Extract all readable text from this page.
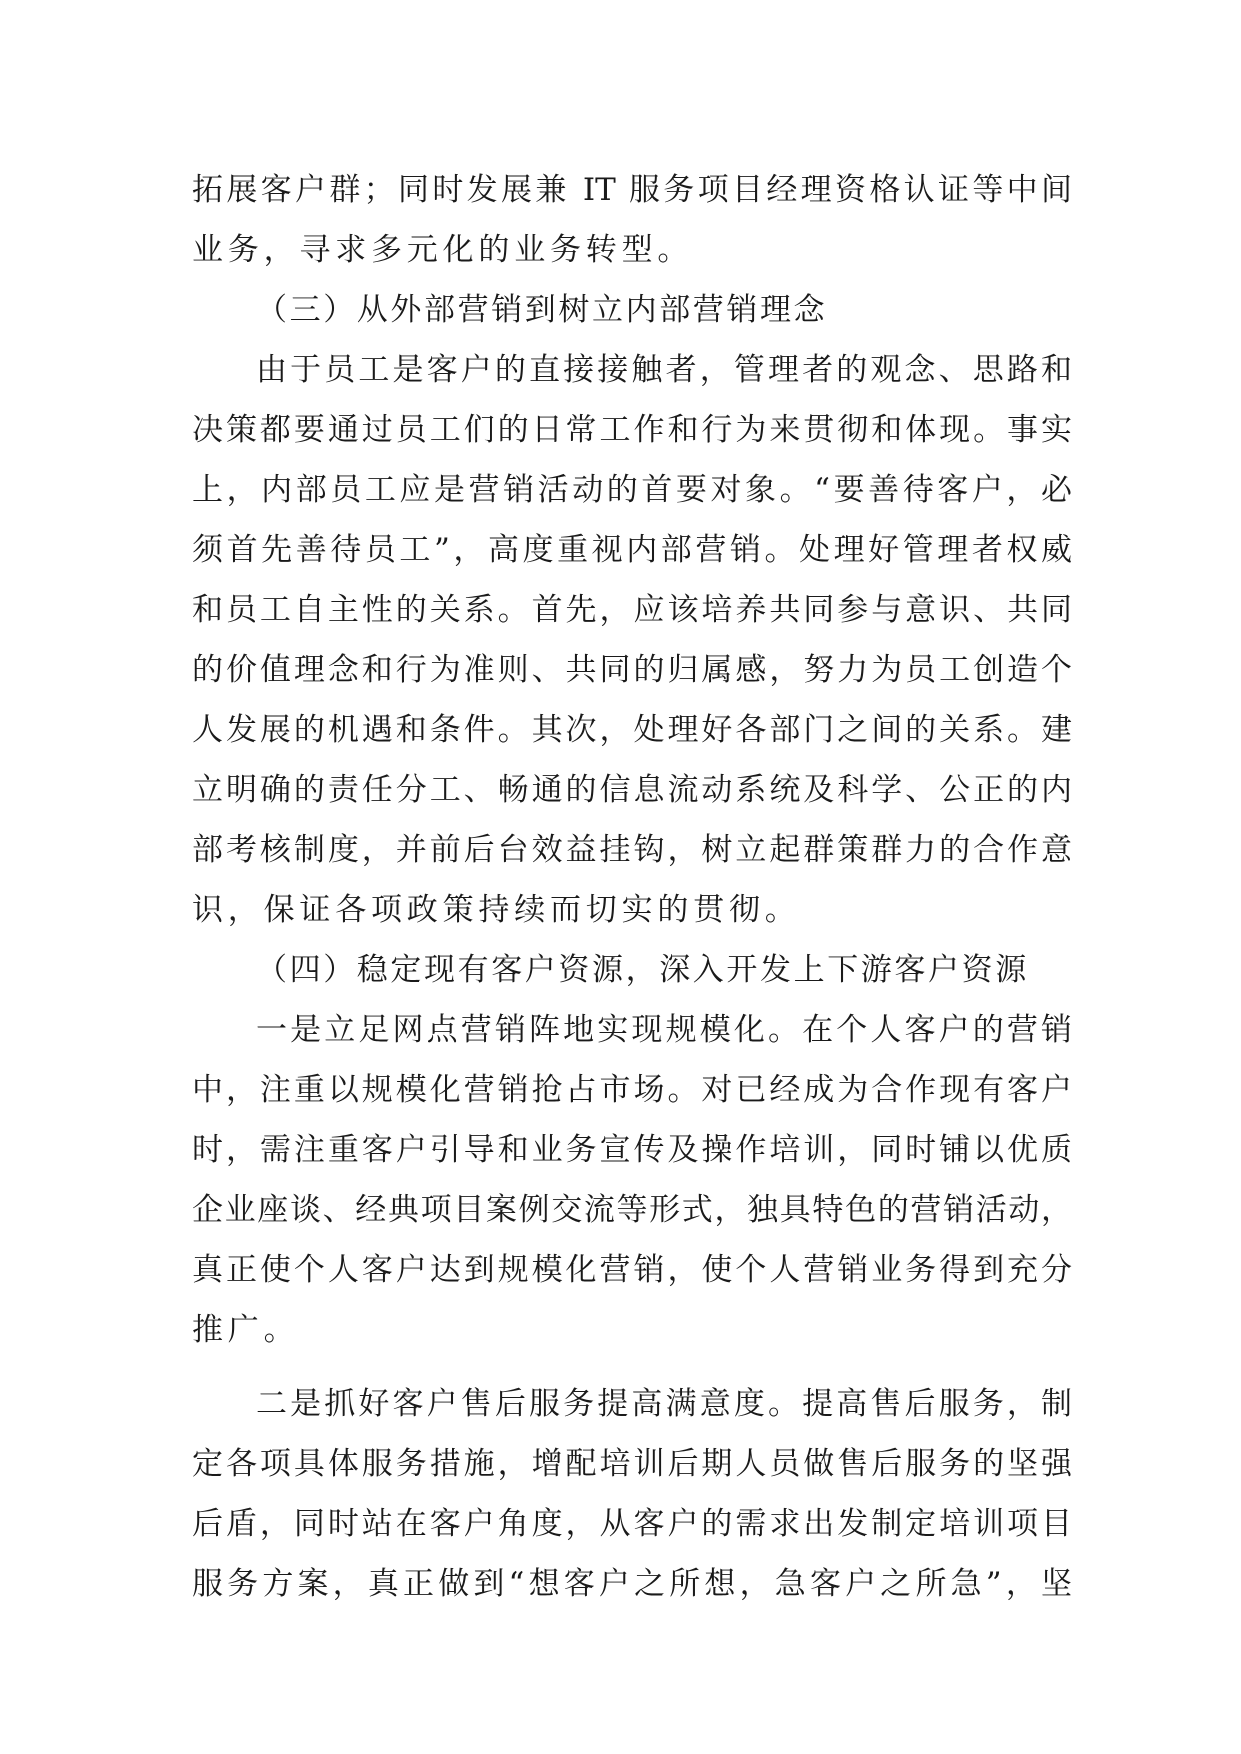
拓展客户群；同时发展兼 IT 服务项目经理资格认证等中间
业务，寻求多元化的业务转型。
（三）从外部营销到树立内部营销理念
由于员工是客户的直接接触者，管理者的观念、思路和
决策都要通过员工们的日常工作和行为来贯彻和体现。事实
上，内部员工应是营销活动的首要对象。“要善待客户，必
须首先善待员工”，高度重视内部营销。处理好管理者权威
和员工自主性的关系。首先，应该培养共同参与意识、共同
的价值理念和行为准则、共同的归属感，努力为员工创造个
人发展的机遇和条件。其次，处理好各部门之间的关系。建
立明确的责任分工、畅通的信息流动系统及科学、公正的内
部考核制度，并前后台效益挂钩，树立起群策群力的合作意
识，保证各项政策持续而切实的贯彻。
（四）稳定现有客户资源，深入开发上下游客户资源
一是立足网点营销阵地实现规模化。在个人客户的营销
中，注重以规模化营销抢占市场。对已经成为合作现有客户
时，需注重客户引导和业务宣传及操作培训，同时铺以优质
企业座谈、经典项目案例交流等形式，独具特色的营销活动，
真正使个人客户达到规模化营销，使个人营销业务得到充分
推广。
二是抓好客户售后服务提高满意度。提高售后服务，制
定各项具体服务措施，增配培训后期人员做售后服务的坚强
后盾，同时站在客户角度，从客户的需求出发制定培训项目
服务方案，真正做到“想客户之所想，急客户之所急”，坚
